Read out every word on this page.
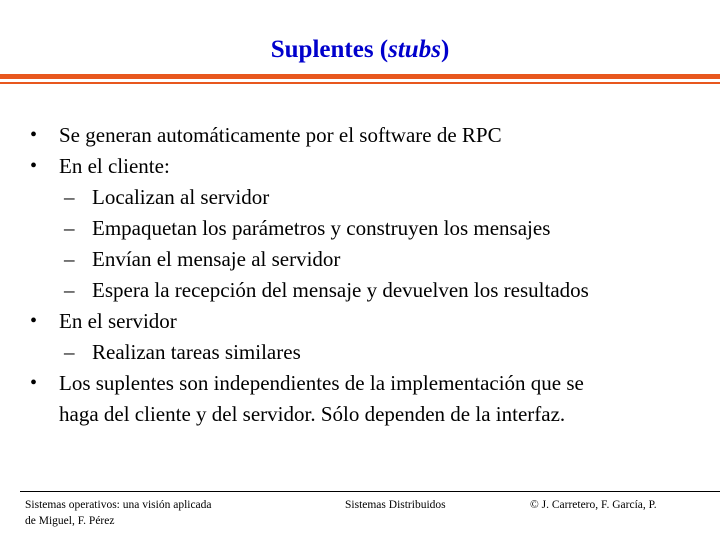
Suplentes (stubs)
• Se generan automáticamente por el software de RPC
• En el cliente:
– Localizan al servidor
– Empaquetan los parámetros y construyen los mensajes
– Envían el mensaje al servidor
– Espera la recepción del mensaje y devuelven los resultados
• En el servidor
– Realizan tareas similares
• Los suplentes son independientes de la implementación que se
haga del cliente y del servidor. Sólo dependen de la interfaz.
Sistemas operativos: una visión aplicada
de Miguel, F. Pérez
Sistemas Distribuidos	© J. Carretero, F. García, P.
